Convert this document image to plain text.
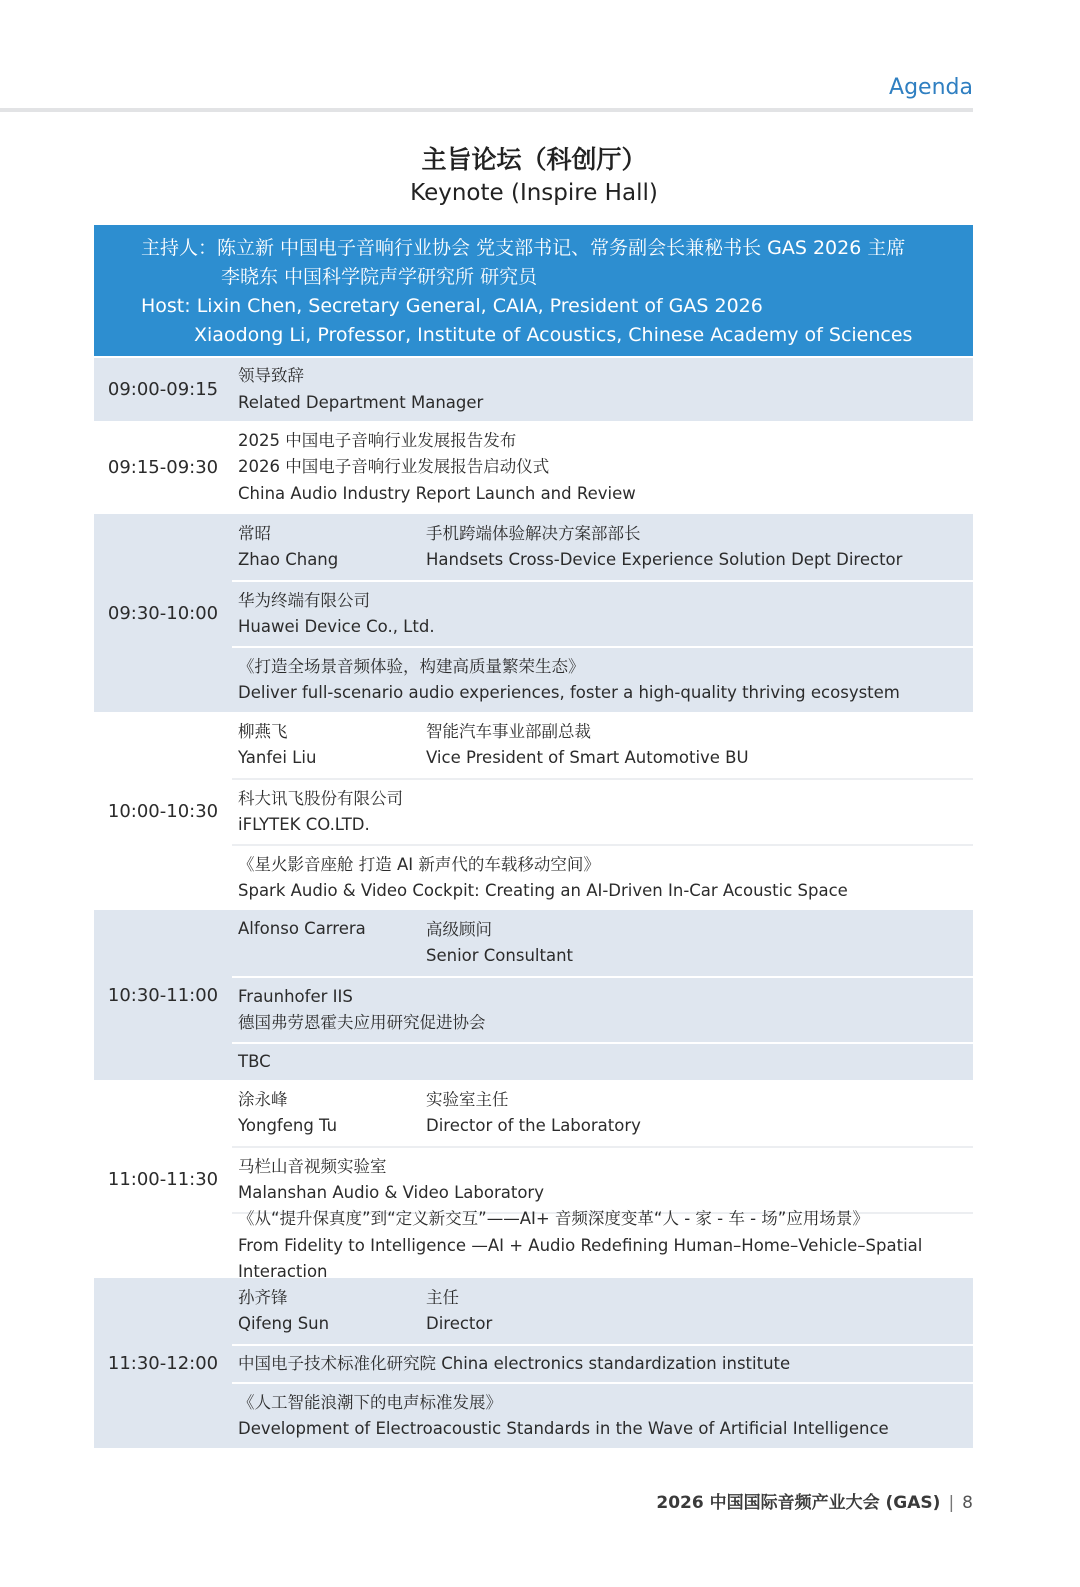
Agenda
主旨论坛（科创厅）
Keynote (Inspire Hall)
主持人：陈立新 中国电子音响行业协会 党支部书记、常务副会长兼秘书长 GAS 2026 主席
李晓东 中国科学院声学研究所 研究员
Host: Lixin Chen, Secretary General, CAIA, President of GAS 2026
Xiaodong Li, Professor, Institute of Acoustics, Chinese Academy of Sciences
09:00-09:15
领导致辞
Related Department Manager
09:15-09:30
2025 中国电子音响行业发展报告发布
2026 中国电子音响行业发展报告启动仪式
China Audio Industry Report Launch and Review
09:30-10:00
常昭
Zhao Chang
手机跨端体验解决方案部部长
Handsets Cross-Device Experience Solution Dept Director
华为终端有限公司
Huawei Device Co., Ltd.
《打造全场景音频体验，构建高质量繁荣生态》
Deliver full-scenario audio experiences, foster a high-quality thriving ecosystem
10:00-10:30
柳燕飞
Yanfei Liu
智能汽车事业部副总裁
Vice President of Smart Automotive BU
科大讯飞股份有限公司
iFLYTEK CO.LTD.
《星火影音座舱 打造 AI 新声代的车载移动空间》
Spark Audio & Video Cockpit: Creating an AI-Driven In-Car Acoustic Space
10:30-11:00
Alfonso Carrera	高级顾问
Senior Consultant
Fraunhofer IIS
德国弗劳恩霍夫应用研究促进协会
TBC
11:00-11:30
涂永峰
Yongfeng Tu
实验室主任
Director of the Laboratory
马栏山音视频实验室
Malanshan Audio & Video Laboratory
《从“提升保真度”到“定义新交互”——AI+ 音频深度变革“人 - 家 - 车 - 场”应用场景》
From Fidelity to Intelligence —AI + Audio Redefining Human–Home–Vehicle–Spatial Interaction
11:30-12:00
孙齐锋
Qifeng Sun
主任
Director
中国电子技术标准化研究院 China electronics standardization institute
《人工智能浪潮下的电声标准发展》
Development of Electroacoustic Standards in the Wave of Artificial Intelligence
2026 中国国际音频产业大会 (GAS) | 8
